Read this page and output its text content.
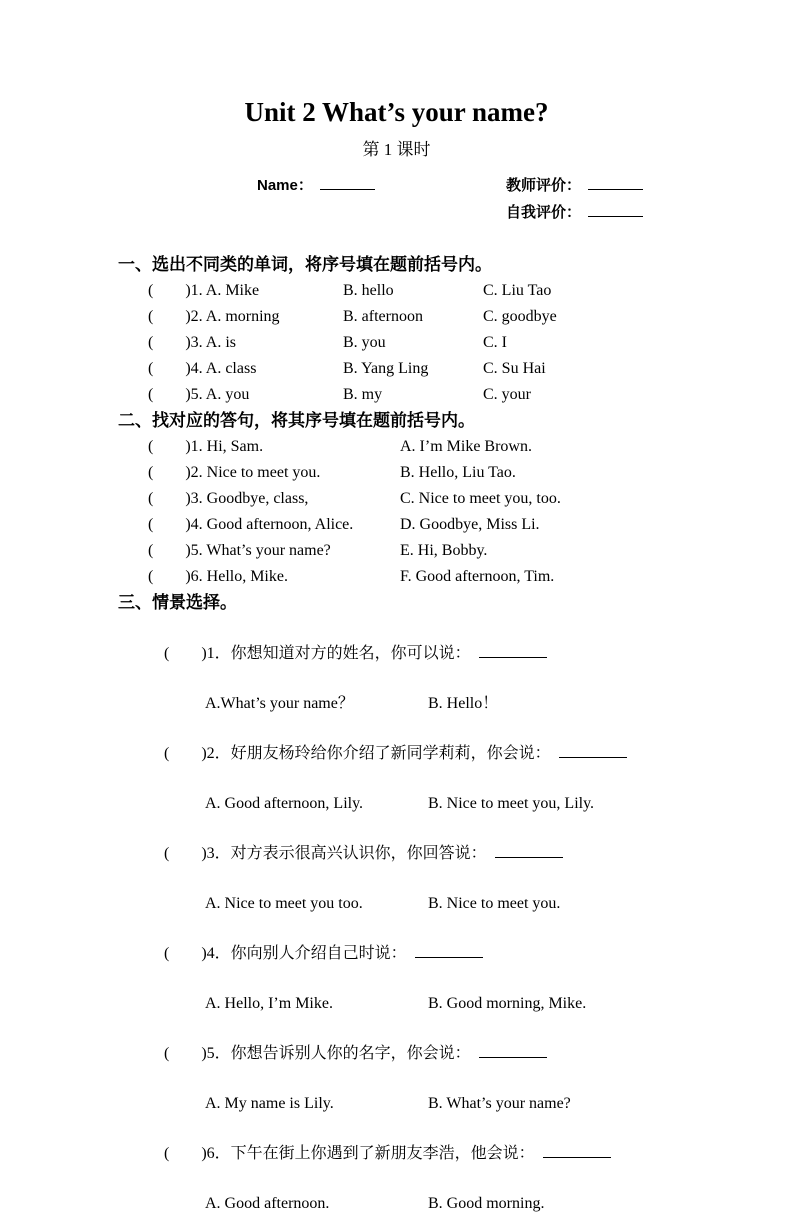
Unit 2 What’s your name?
第 1 课时
Name：	教师评价：
自我评价：
一、选出不同类的单词，将序号填在题前括号内。
(        )1. A. Mike	B. hello	C. Liu Tao
(        )2. A. morning	B. afternoon	C. goodbye
(        )3. A. is	B. you	C. I
(        )4. A. class	B. Yang Ling	C. Su Hai
(        )5. A. you	B. my	C. your
二、找对应的答句，将其序号填在题前括号内。
(        )1. Hi, Sam.	A. I’m Mike Brown.
(        )2. Nice to meet you.	B. Hello, Liu Tao.
(        )3. Goodbye, class,	C. Nice to meet you, too.
(        )4. Good afternoon, Alice.	D. Goodbye, Miss Li.
(        )5. What’s your name?	E. Hi, Bobby.
(        )6. Hello, Mike.	F. Good afternoon, Tim.
三、情景选择。

(        )1．你想知道对方的姓名，你可以说：

A.What’s your name？	B. Hello！

(        )2．好朋友杨玲给你介绍了新同学莉莉，你会说：

A. Good afternoon, Lily.	B. Nice to meet you, Lily.

(        )3．对方表示很高兴认识你，你回答说：

A. Nice to meet you too.	B. Nice to meet you.

(        )4．你向别人介绍自己时说：

A. Hello, I’m Mike.	B. Good morning, Mike.

(        )5．你想告诉别人你的名字，你会说：

A. My name is Lily.	B. What’s your name?

(        )6．下午在街上你遇到了新朋友李浩，他会说：

A. Good afternoon.	B. Good morning.
